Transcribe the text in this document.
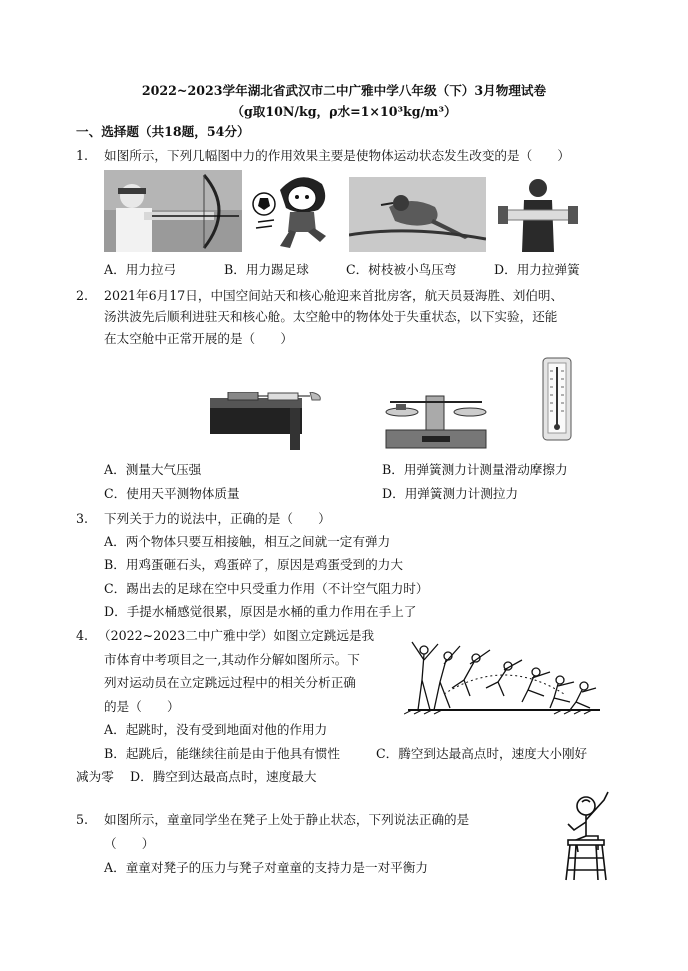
2022~2023学年湖北省武汉市二中广雅中学八年级（下）3月物理试卷
（g取10N/kg，ρ水=1×10³kg/m³）
一、选择题（共18题，54分）
1. 如图所示，下列几幅图中力的作用效果主要是使物体运动状态发生改变的是（　　）
A．用力拉弓	B．用力踢足球	C．树枝被小鸟压弯	D．用力拉弹簧
2. 2021年6月17日，中国空间站天和核心舱迎来首批房客，航天员聂海胜、刘伯明、
汤洪波先后顺利进驻天和核心舱。太空舱中的物体处于失重状态，以下实验，还能
在太空舱中正常开展的是（　　）
A．测量大气压强	B．用弹簧测力计测量滑动摩擦力
C．使用天平测物体质量	D．用弹簧测力计测拉力
3. 下列关于力的说法中，正确的是（　　）
A．两个物体只要互相接触，相互之间就一定有弹力
B．用鸡蛋砸石头，鸡蛋碎了，原因是鸡蛋受到的力大
C．踢出去的足球在空中只受重力作用（不计空气阻力时）
D．手提水桶感觉很累，原因是水桶的重力作用在手上了
4. （2022~2023二中广雅中学）如图立定跳远是我
市体育中考项目之一,其动作分解如图所示。下
列对运动员在立定跳远过程中的相关分析正确
的是（　　）
A．起跳时，没有受到地面对他的作用力
B．起跳后，能继续往前是由于他具有惯性	C．腾空到达最高点时，速度大小刚好
减为零 D．腾空到达最高点时，速度最大
5. 如图所示，童童同学坐在凳子上处于静止状态，下列说法正确的是
（　　）
A．童童对凳子的压力与凳子对童童的支持力是一对平衡力
